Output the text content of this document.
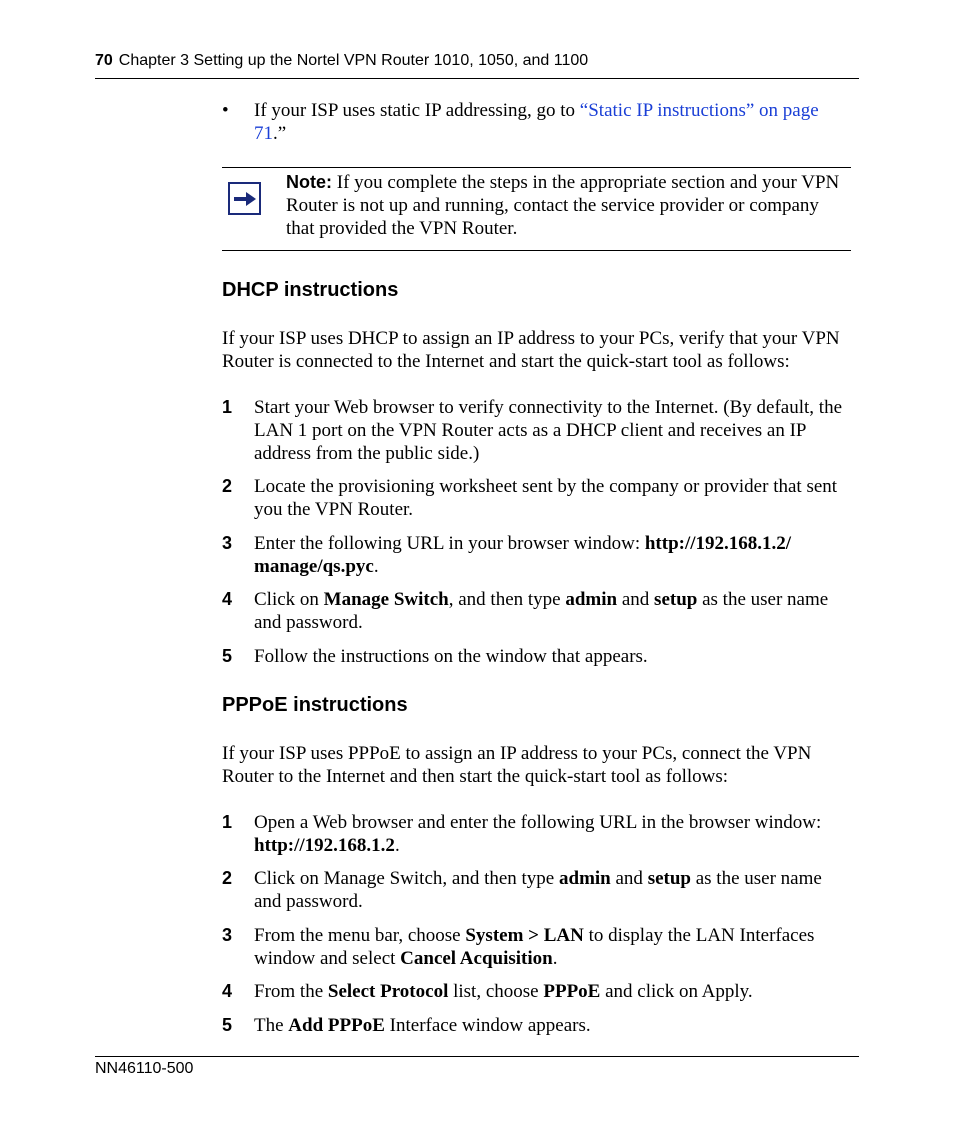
70 Chapter 3 Setting up the Nortel VPN Router 1010, 1050, and 1100
• If your ISP uses static IP addressing, go to “Static IP instructions” on page 71.”
Note: If you complete the steps in the appropriate section and your VPN Router is not up and running, contact the service provider or company that provided the VPN Router.
DHCP instructions
If your ISP uses DHCP to assign an IP address to your PCs, verify that your VPN Router is connected to the Internet and start the quick-start tool as follows:
1 Start your Web browser to verify connectivity to the Internet. (By default, the LAN 1 port on the VPN Router acts as a DHCP client and receives an IP address from the public side.)
2 Locate the provisioning worksheet sent by the company or provider that sent you the VPN Router.
3 Enter the following URL in your browser window: http://192.168.1.2/ manage/qs.pyc.
4 Click on Manage Switch, and then type admin and setup as the user name and password.
5 Follow the instructions on the window that appears.
PPPoE instructions
If your ISP uses PPPoE to assign an IP address to your PCs, connect the VPN Router to the Internet and then start the quick-start tool as follows:
1 Open a Web browser and enter the following URL in the browser window: http://192.168.1.2.
2 Click on Manage Switch, and then type admin and setup as the user name and password.
3 From the menu bar, choose System > LAN to display the LAN Interfaces window and select Cancel Acquisition.
4 From the Select Protocol list, choose PPPoE and click on Apply.
5 The Add PPPoE Interface window appears.
NN46110-500
